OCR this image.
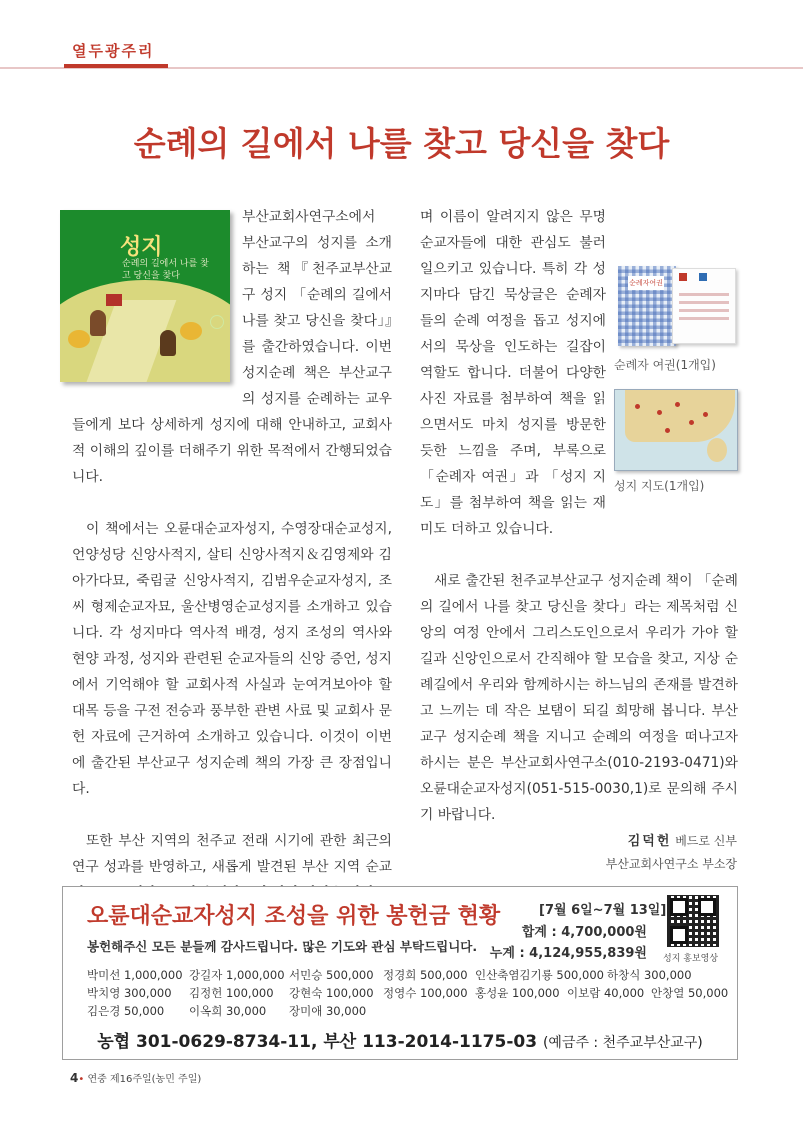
열두광주리
순례의 길에서 나를 찾고 당신을 찾다
성지
순례의 길에서 나를 찾고 당신을 찾다

부산교회사연구소에서 부산교구의 성지를 소개하는 책『천주교부산교구 성지 「순례의 길에서 나를 찾고 당신을 찾다」』를 출간하였습니다. 이번 성지순례 책은 부산교구의 성지를 순례하는 교우들에게 보다 상세하게 성지에 대해 안내하고, 교회사적 이해의 깊이를 더해주기 위한 목적에서 간행되었습니다.

이 책에서는 오륜대순교자성지, 수영장대순교성지, 언양성당 신앙사적지, 살티 신앙사적지＆김영제와 김 아가다묘, 죽림굴 신앙사적지, 김범우순교자성지, 조씨 형제순교자묘, 울산병영순교성지를 소개하고 있습니다. 각 성지마다 역사적 배경, 성지 조성의 역사와 현양 과정, 성지와 관련된 순교자들의 신앙 증언, 성지에서 기억해야 할 교회사적 사실과 눈여겨보아야 할 대목 등을 구전 전승과 풍부한 관변 사료 및 교회사 문헌 자료에 근거하여 소개하고 있습니다. 이것이 이번에 출간된 부산교구 성지순례 책의 가장 큰 장점입니다.

또한 부산 지역의 천주교 전래 시기에 관한 최근의 연구 성과를 반영하고, 새롭게 발견된 부산 지역 순교

순례자여권
순례자 여권(1개입)
성지 지도(1개입)

며 이름이 알려지지 않은 무명 순교자들에 대한 관심도 불러일으키고 있습니다. 특히 각 성지마다 담긴 묵상글은 순례자들의 순례 여정을 돕고 성지에서의 묵상을 인도하는 길잡이 역할도 합니다. 더불어 다양한 사진 자료를 첨부하여 책을 읽으면서도 마치 성지를 방문한 듯한 느낌을 주며, 부록으로 「순례자 여권」과 「성지 지도」를 첨부하여 책을 읽는 재미도 더하고 있습니다.

새로 출간된 천주교부산교구 성지순례 책이 「순례의 길에서 나를 찾고 당신을 찾다」라는 제목처럼 신앙의 여정 안에서 그리스도인으로서 우리가 가야 할 길과 신앙인으로서 간직해야 할 모습을 찾고, 지상 순례길에서 우리와 함께하시는 하느님의 존재를 발견하고 느끼는 데 작은 보탬이 되길 희망해 봅니다. 부산교구 성지순례 책을 지니고 순례의 여정을 떠나고자 하시는 분은 부산교회사연구소(010-2193-0471)와 오륜대순교자성지(051-515-0030,1)로 문의해 주시기 바랍니다.

김덕헌 베드로 신부
부산교회사연구소 부소장
오륜대순교자성지 조성을 위한 봉헌금 현황
봉헌해주신 모든 분들께 감사드립니다. 많은 기도와 관심 부탁드립니다.
[7월 6일~7월 13일]
합계 : 4,700,000원
누계 : 4,124,955,839원 성지 홍보영상
박미선 1,000,000 강길자 1,000,000 서민승 500,000 정경희 500,000 인산축염김기룡 500,000 하창식 300,000
박치영 300,000 김정헌 100,000 강현숙 100,000 정영수 100,000 홍성윤 100,000 이보람 40,000 안창열 50,000
김은경 50,000 이옥희 30,000 장미애 30,000
농협 301-0629-8734-11, 부산 113-2014-1175-03 (예금주 : 천주교부산교구)
4• 연중 제16주일(농민 주일)
